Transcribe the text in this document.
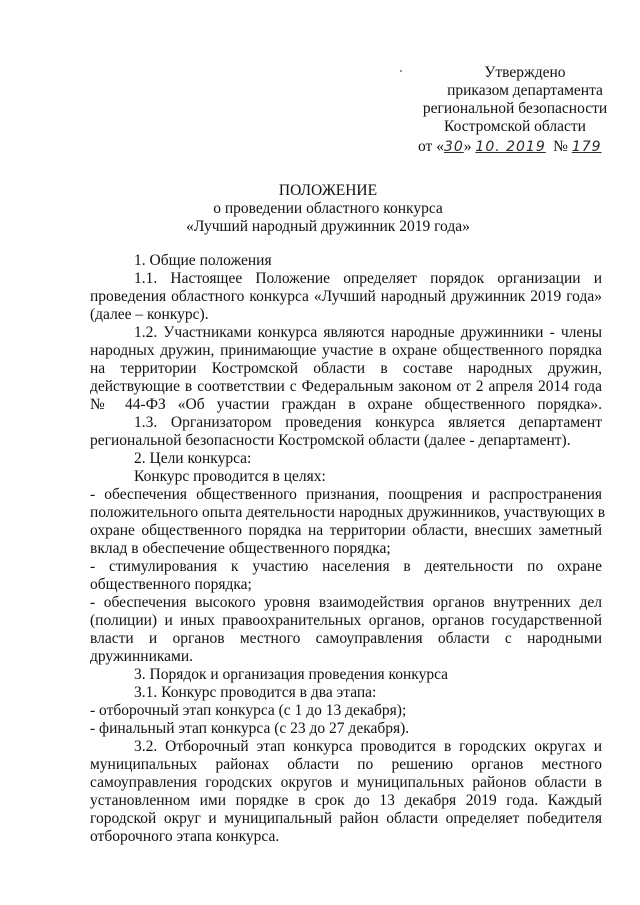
Утверждено
приказом департамента
региональной безопасности
Костромской области
от «30» 10. 2019 № 179
ПОЛОЖЕНИЕ
о проведении областного конкурса
«Лучший народный дружинник 2019 года»
1. Общие положения
1.1. Настоящее Положение определяет порядок организации и
проведения областного конкурса «Лучший народный дружинник 2019 года»
(далее – конкурс).
1.2. Участниками конкурса являются народные дружинники - члены
народных дружин, принимающие участие в охране общественного порядка
на территории Костромской области в составе народных дружин,
действующие в соответствии с Федеральным законом от 2 апреля 2014 года
№ 44-ФЗ «Об участии граждан в охране общественного порядка».
1.3. Организатором проведения конкурса является департамент
региональной безопасности Костромской области (далее - департамент).
2. Цели конкурса:
Конкурс проводится в целях:
- обеспечения общественного признания, поощрения и распространения
положительного опыта деятельности народных дружинников, участвующих в
охране общественного порядка на территории области, внесших заметный
вклад в обеспечение общественного порядка;
- стимулирования к участию населения в деятельности по охране
общественного порядка;
- обеспечения высокого уровня взаимодействия органов внутренних дел
(полиции) и иных правоохранительных органов, органов государственной
власти и органов местного самоуправления области с народными
дружинниками.
3. Порядок и организация проведения конкурса
3.1. Конкурс проводится в два этапа:
- отборочный этап конкурса (с 1 до 13 декабря);
- финальный этап конкурса (с 23 до 27 декабря).
3.2. Отборочный этап конкурса проводится в городских округах и
муниципальных районах области по решению органов местного
самоуправления городских округов и муниципальных районов области в
установленном ими порядке в срок до 13 декабря 2019 года. Каждый
городской округ и муниципальный район области определяет победителя
отборочного этапа конкурса.
